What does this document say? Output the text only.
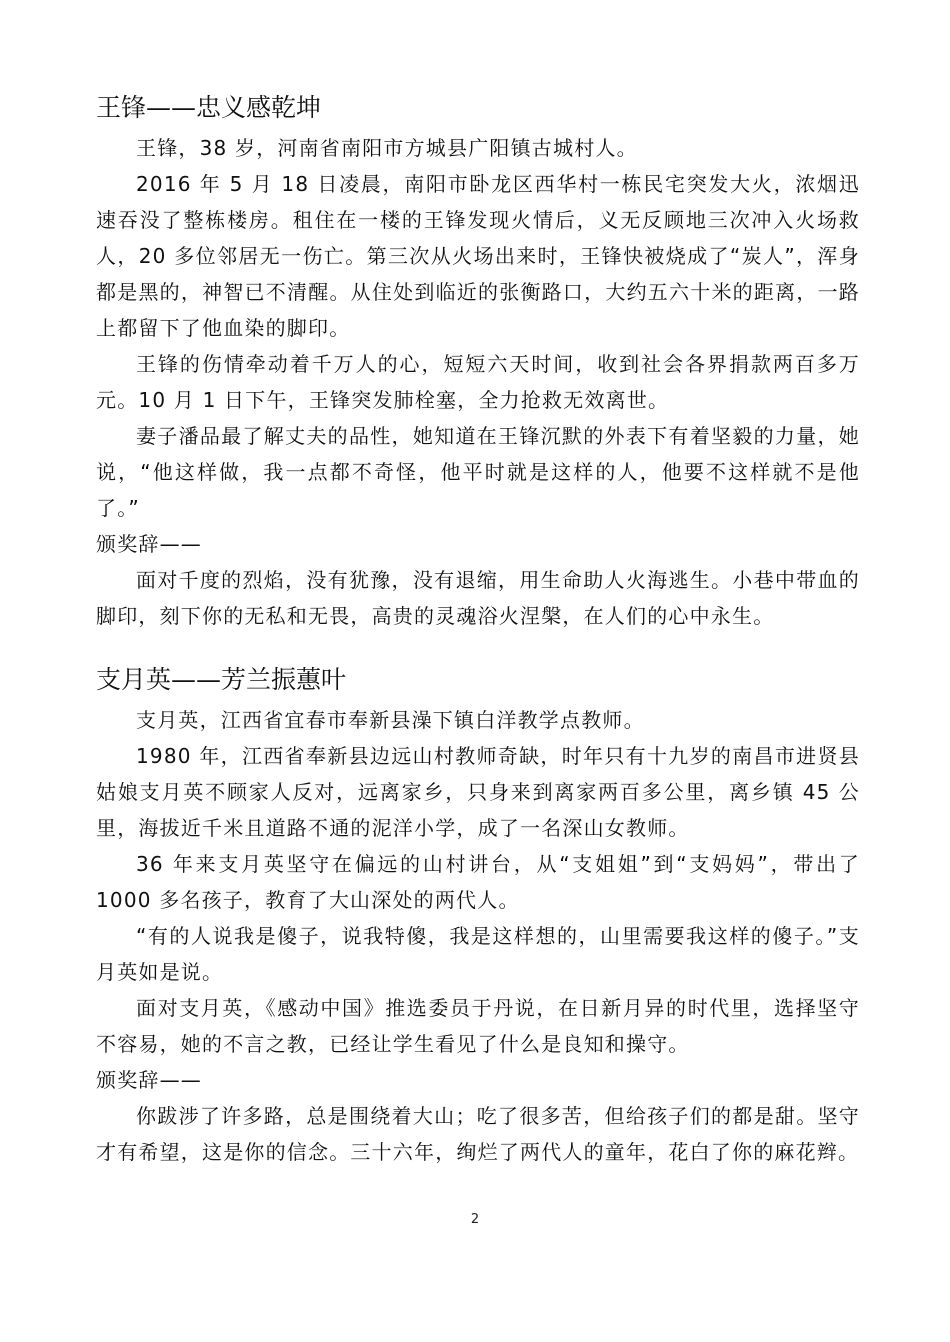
王锋——忠义感乾坤

王锋，38 岁，河南省南阳市方城县广阳镇古城村人。

2016 年 5 月 18 日凌晨，南阳市卧龙区西华村一栋民宅突发大火，浓烟迅速吞没了整栋楼房。租住在一楼的王锋发现火情后，义无反顾地三次冲入火场救人，20 多位邻居无一伤亡。第三次从火场出来时，王锋快被烧成了“炭人”，浑身都是黑的，神智已不清醒。从住处到临近的张衡路口，大约五六十米的距离，一路上都留下了他血染的脚印。

王锋的伤情牵动着千万人的心，短短六天时间，收到社会各界捐款两百多万元。10 月 1 日下午，王锋突发肺栓塞，全力抢救无效离世。

妻子潘品最了解丈夫的品性，她知道在王锋沉默的外表下有着坚毅的力量，她说，“他这样做，我一点都不奇怪，他平时就是这样的人，他要不这样就不是他了。”

颁奖辞——

面对千度的烈焰，没有犹豫，没有退缩，用生命助人火海逃生。小巷中带血的脚印，刻下你的无私和无畏，高贵的灵魂浴火涅槃，在人们的心中永生。

支月英——芳兰振蕙叶

支月英，江西省宜春市奉新县澡下镇白洋教学点教师。

1980 年，江西省奉新县边远山村教师奇缺，时年只有十九岁的南昌市进贤县姑娘支月英不顾家人反对，远离家乡，只身来到离家两百多公里，离乡镇 45 公里，海拔近千米且道路不通的泥洋小学，成了一名深山女教师。

36 年来支月英坚守在偏远的山村讲台，从“支姐姐”到“支妈妈”，带出了 1000 多名孩子，教育了大山深处的两代人。

“有的人说我是傻子，说我特傻，我是这样想的，山里需要我这样的傻子。”支月英如是说。

面对支月英，《感动中国》推选委员于丹说，在日新月异的时代里，选择坚守不容易，她的不言之教，已经让学生看见了什么是良知和操守。

颁奖辞——

你跋涉了许多路，总是围绕着大山；吃了很多苦，但给孩子们的都是甜。坚守才有希望，这是你的信念。三十六年，绚烂了两代人的童年，花白了你的麻花辫。

2
